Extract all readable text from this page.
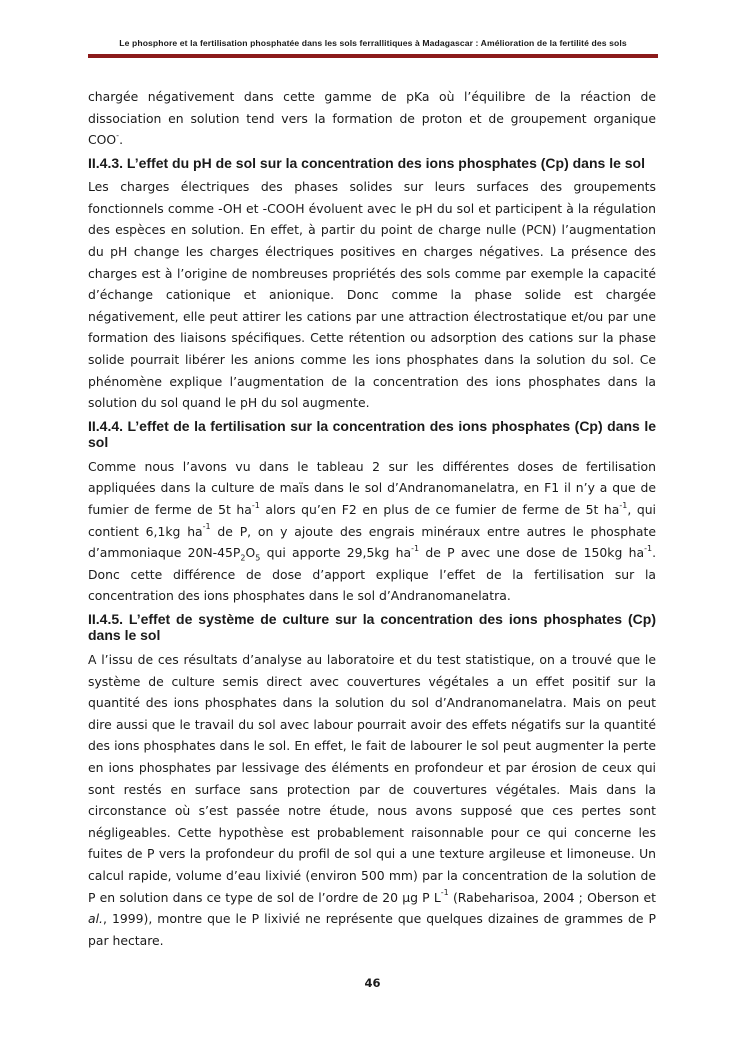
Le phosphore et la fertilisation phosphatée dans les sols ferrallitiques à Madagascar : Amélioration de la fertilité des sols

chargée négativement dans cette gamme de pKa où l’équilibre de la réaction de dissociation en solution tend vers la formation de proton et de groupement organique COO-.

II.4.3. L’effet du pH de sol sur la concentration des ions phosphates (Cp) dans le sol

Les charges électriques des phases solides sur leurs surfaces des groupements fonctionnels comme -OH et -COOH évoluent avec le pH du sol et participent à la régulation des espèces en solution. En effet, à partir du point de charge nulle (PCN) l’augmentation du pH change les charges électriques positives en charges négatives. La présence des charges est à l’origine de nombreuses propriétés des sols comme par exemple la capacité d’échange cationique et anionique. Donc comme la phase solide est chargée négativement, elle peut attirer les cations par une attraction électrostatique et/ou par une formation des liaisons spécifiques. Cette rétention ou adsorption des cations sur la phase solide pourrait libérer les anions comme les ions phosphates dans la solution du sol. Ce phénomène explique l’augmentation de la concentration des ions phosphates dans la solution du sol quand le pH du sol augmente.

II.4.4. L’effet de la fertilisation sur la concentration des ions phosphates (Cp) dans le sol

Comme nous l’avons vu dans le tableau 2 sur les différentes doses de fertilisation appliquées dans la culture de maïs dans le sol d’Andranomanelatra, en F1 il n’y a que de fumier de ferme de 5t $ha^{-1}$ alors qu’en F2 en plus de ce fumier de ferme de 5t $ha^{-1}$, qui contient 6,1kg $ha^{-1}$ de P, on y ajoute des engrais minéraux entre autres le phosphate d’ammoniaque $20N-45P_2O_5$ qui apporte 29,5kg $ha^{-1}$ de P avec une dose de 150kg $ha^{-1}$. Donc cette différence de dose d’apport explique l’effet de la fertilisation sur la concentration des ions phosphates dans le sol d’Andranomanelatra.

II.4.5. L’effet de système de culture sur la concentration des ions phosphates (Cp) dans le sol

A l’issu de ces résultats d’analyse au laboratoire et du test statistique, on a trouvé que le système de culture semis direct avec couvertures végétales a un effet positif sur la quantité des ions phosphates dans la solution du sol d’Andranomanelatra. Mais on peut dire aussi que le travail du sol avec labour pourrait avoir des effets négatifs sur la quantité des ions phosphates dans le sol. En effet, le fait de labourer le sol peut augmenter la perte en ions phosphates par lessivage des éléments en profondeur et par érosion de ceux qui sont restés en surface sans protection par de couvertures végétales. Mais dans la circonstance où s’est passée notre étude, nous avons supposé que ces pertes sont négligeables. Cette hypothèse est probablement raisonnable pour ce qui concerne les fuites de P vers la profondeur du profil de sol qui a une texture argileuse et limoneuse. Un calcul rapide, volume d’eau lixivié (environ 500 mm) par la concentration de la solution de P en solution dans ce type de sol de l’ordre de 20 µg P $L^{-1}$ (Rabeharisoa, 2004 ; Oberson et al., 1999), montre que le P lixivié ne représente que quelques dizaines de grammes de P par hectare.

46
